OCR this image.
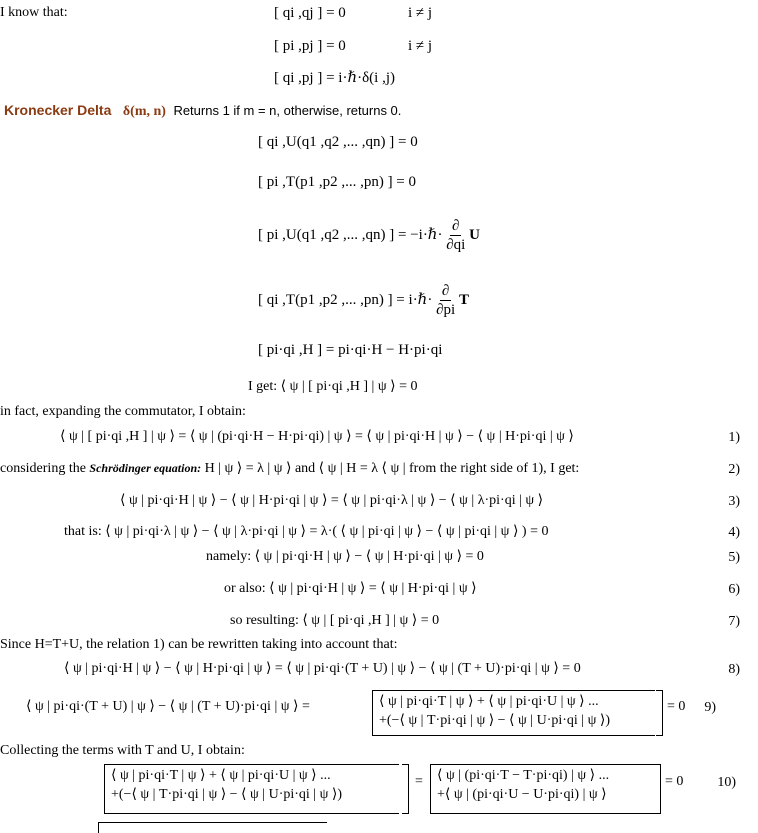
I know that:	[ qi ,qj ] = 0	i ≠ j
[ pi ,pj ] = 0	i ≠ j
[ qi ,pj ] = i·ℏ·δ(i ,j)
Kronecker Delta δ(m, n) Returns 1 if m = n, otherwise, returns 0.
[ qi ,U(q1 ,q2 ,... ,qn) ] = 0
[ pi ,T(p1 ,p2 ,... ,pn) ] = 0
[ pi ,U(q1 ,q2 ,... ,qn) ] = −i·ℏ· $\frac{\partial}{\partial qi}$ U
[ qi ,T(p1 ,p2 ,... ,pn) ] = i·ℏ· $\frac{\partial}{\partial pi}$ T
[ pi·qi ,H ] = pi·qi·H − H·pi·qi
I get: ⟨ ψ | [ pi·qi ,H ] | ψ ⟩ = 0
in fact, expanding the commutator, I obtain:
⟨ ψ | [ pi·qi ,H ] | ψ ⟩ = ⟨ ψ | (pi·qi·H − H·pi·qi) | ψ ⟩ = ⟨ ψ | pi·qi·H | ψ ⟩ − ⟨ ψ | H·pi·qi | ψ ⟩	1)
considering the Schrödinger equation: H | ψ ⟩ = λ | ψ ⟩ and ⟨ ψ | H = λ ⟨ ψ | from the right side of 1), I get:	2)
⟨ ψ | pi·qi·H | ψ ⟩ − ⟨ ψ | H·pi·qi | ψ ⟩ = ⟨ ψ | pi·qi·λ | ψ ⟩ − ⟨ ψ | λ·pi·qi | ψ ⟩	3)
that is: ⟨ ψ | pi·qi·λ | ψ ⟩ − ⟨ ψ | λ·pi·qi | ψ ⟩ = λ·( ⟨ ψ | pi·qi | ψ ⟩ − ⟨ ψ | pi·qi | ψ ⟩ ) = 0	4)
namely: ⟨ ψ | pi·qi·H | ψ ⟩ − ⟨ ψ | H·pi·qi | ψ ⟩ = 0	5)
or also: ⟨ ψ | pi·qi·H | ψ ⟩ = ⟨ ψ | H·pi·qi | ψ ⟩	6)
so resulting: ⟨ ψ | [ pi·qi ,H ] | ψ ⟩ = 0	7)
Since H=T+U, the relation 1) can be rewritten taking into account that:
⟨ ψ | pi·qi·H | ψ ⟩ − ⟨ ψ | H·pi·qi | ψ ⟩ = ⟨ ψ | pi·qi·(T + U) | ψ ⟩ − ⟨ ψ | (T + U)·pi·qi | ψ ⟩ = 0	8)
⟨ ψ | pi·qi·(T + U) | ψ ⟩ − ⟨ ψ | (T + U)·pi·qi | ψ ⟩ =	⟨ ψ | pi·qi·T | ψ ⟩ + ⟨ ψ | pi·qi·U | ψ ⟩ ...
+(−⟨ ψ | T·pi·qi | ψ ⟩ − ⟨ ψ | U·pi·qi | ψ ⟩)
= 0 9)
Collecting the terms with T and U, I obtain:
⟨ ψ | pi·qi·T | ψ ⟩ + ⟨ ψ | pi·qi·U | ψ ⟩ ...
+(−⟨ ψ | T·pi·qi | ψ ⟩ − ⟨ ψ | U·pi·qi | ψ ⟩)
= ⟨ ψ | (pi·qi·T − T·pi·qi) | ψ ⟩ ...
+⟨ ψ | (pi·qi·U − U·pi·qi) | ψ ⟩
= 0 10)
